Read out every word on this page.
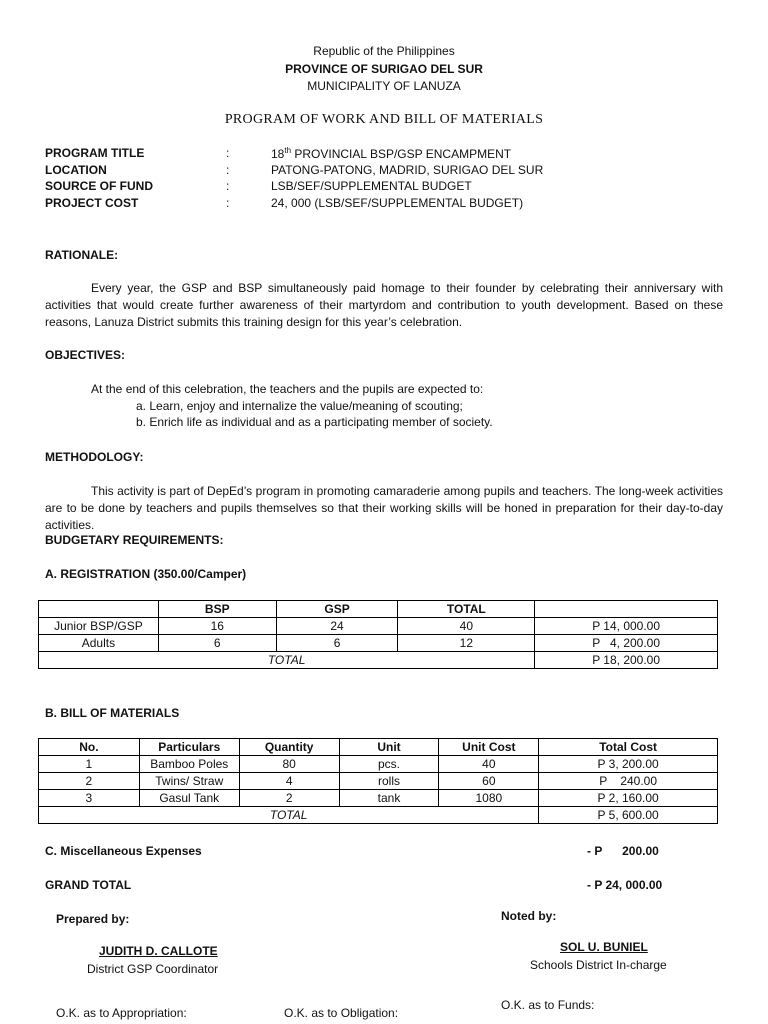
Republic of the Philippines
PROVINCE OF SURIGAO DEL SUR
MUNICIPALITY OF LANUZA
PROGRAM OF WORK AND BILL OF MATERIALS
PROGRAM TITLE	:	18th PROVINCIAL BSP/GSP ENCAMPMENT
LOCATION	:	PATONG-PATONG, MADRID, SURIGAO DEL SUR
SOURCE OF FUND	:	LSB/SEF/SUPPLEMENTAL BUDGET
PROJECT COST	:	24, 000 (LSB/SEF/SUPPLEMENTAL BUDGET)
RATIONALE:
Every year, the GSP and BSP simultaneously paid homage to their founder by celebrating their anniversary with activities that would create further awareness of their martyrdom and contribution to youth development. Based on these reasons, Lanuza District submits this training design for this year’s celebration.
OBJECTIVES:
At the end of this celebration, the teachers and the pupils are expected to:
a. Learn, enjoy and internalize the value/meaning of scouting;
b. Enrich life as individual and as a participating member of society.
METHODOLOGY:
This activity is part of DepEd’s program in promoting camaraderie among pupils and teachers. The long-week activities are to be done by teachers and pupils themselves so that their working skills will be honed in preparation for their day-to-day activities.
BUDGETARY REQUIREMENTS:
A. REGISTRATION (350.00/Camper)
	BSP	GSP	TOTAL	
Junior BSP/GSP	16	24	40	P 14, 000.00
Adults	6	6	12	P   4, 200.00
TOTAL				P 18, 200.00
B. BILL OF MATERIALS
No.	Particulars	Quantity	Unit	Unit Cost	Total Cost
1	Bamboo Poles	80	pcs.	40	P 3, 200.00
2	Twins/ Straw	4	rolls	60	P    240.00
3	Gasul Tank	2	tank	1080	P 2, 160.00
TOTAL					P 5, 600.00
C. Miscellaneous Expenses	- P      200.00
GRAND TOTAL	- P 24, 000.00
Prepared by:
JUDITH D. CALLOTE
District GSP Coordinator
Noted by:
SOL U. BUNIEL
Schools District In-charge
O.K. as to Appropriation:	O.K. as to Obligation:
O.K. as to Funds:
